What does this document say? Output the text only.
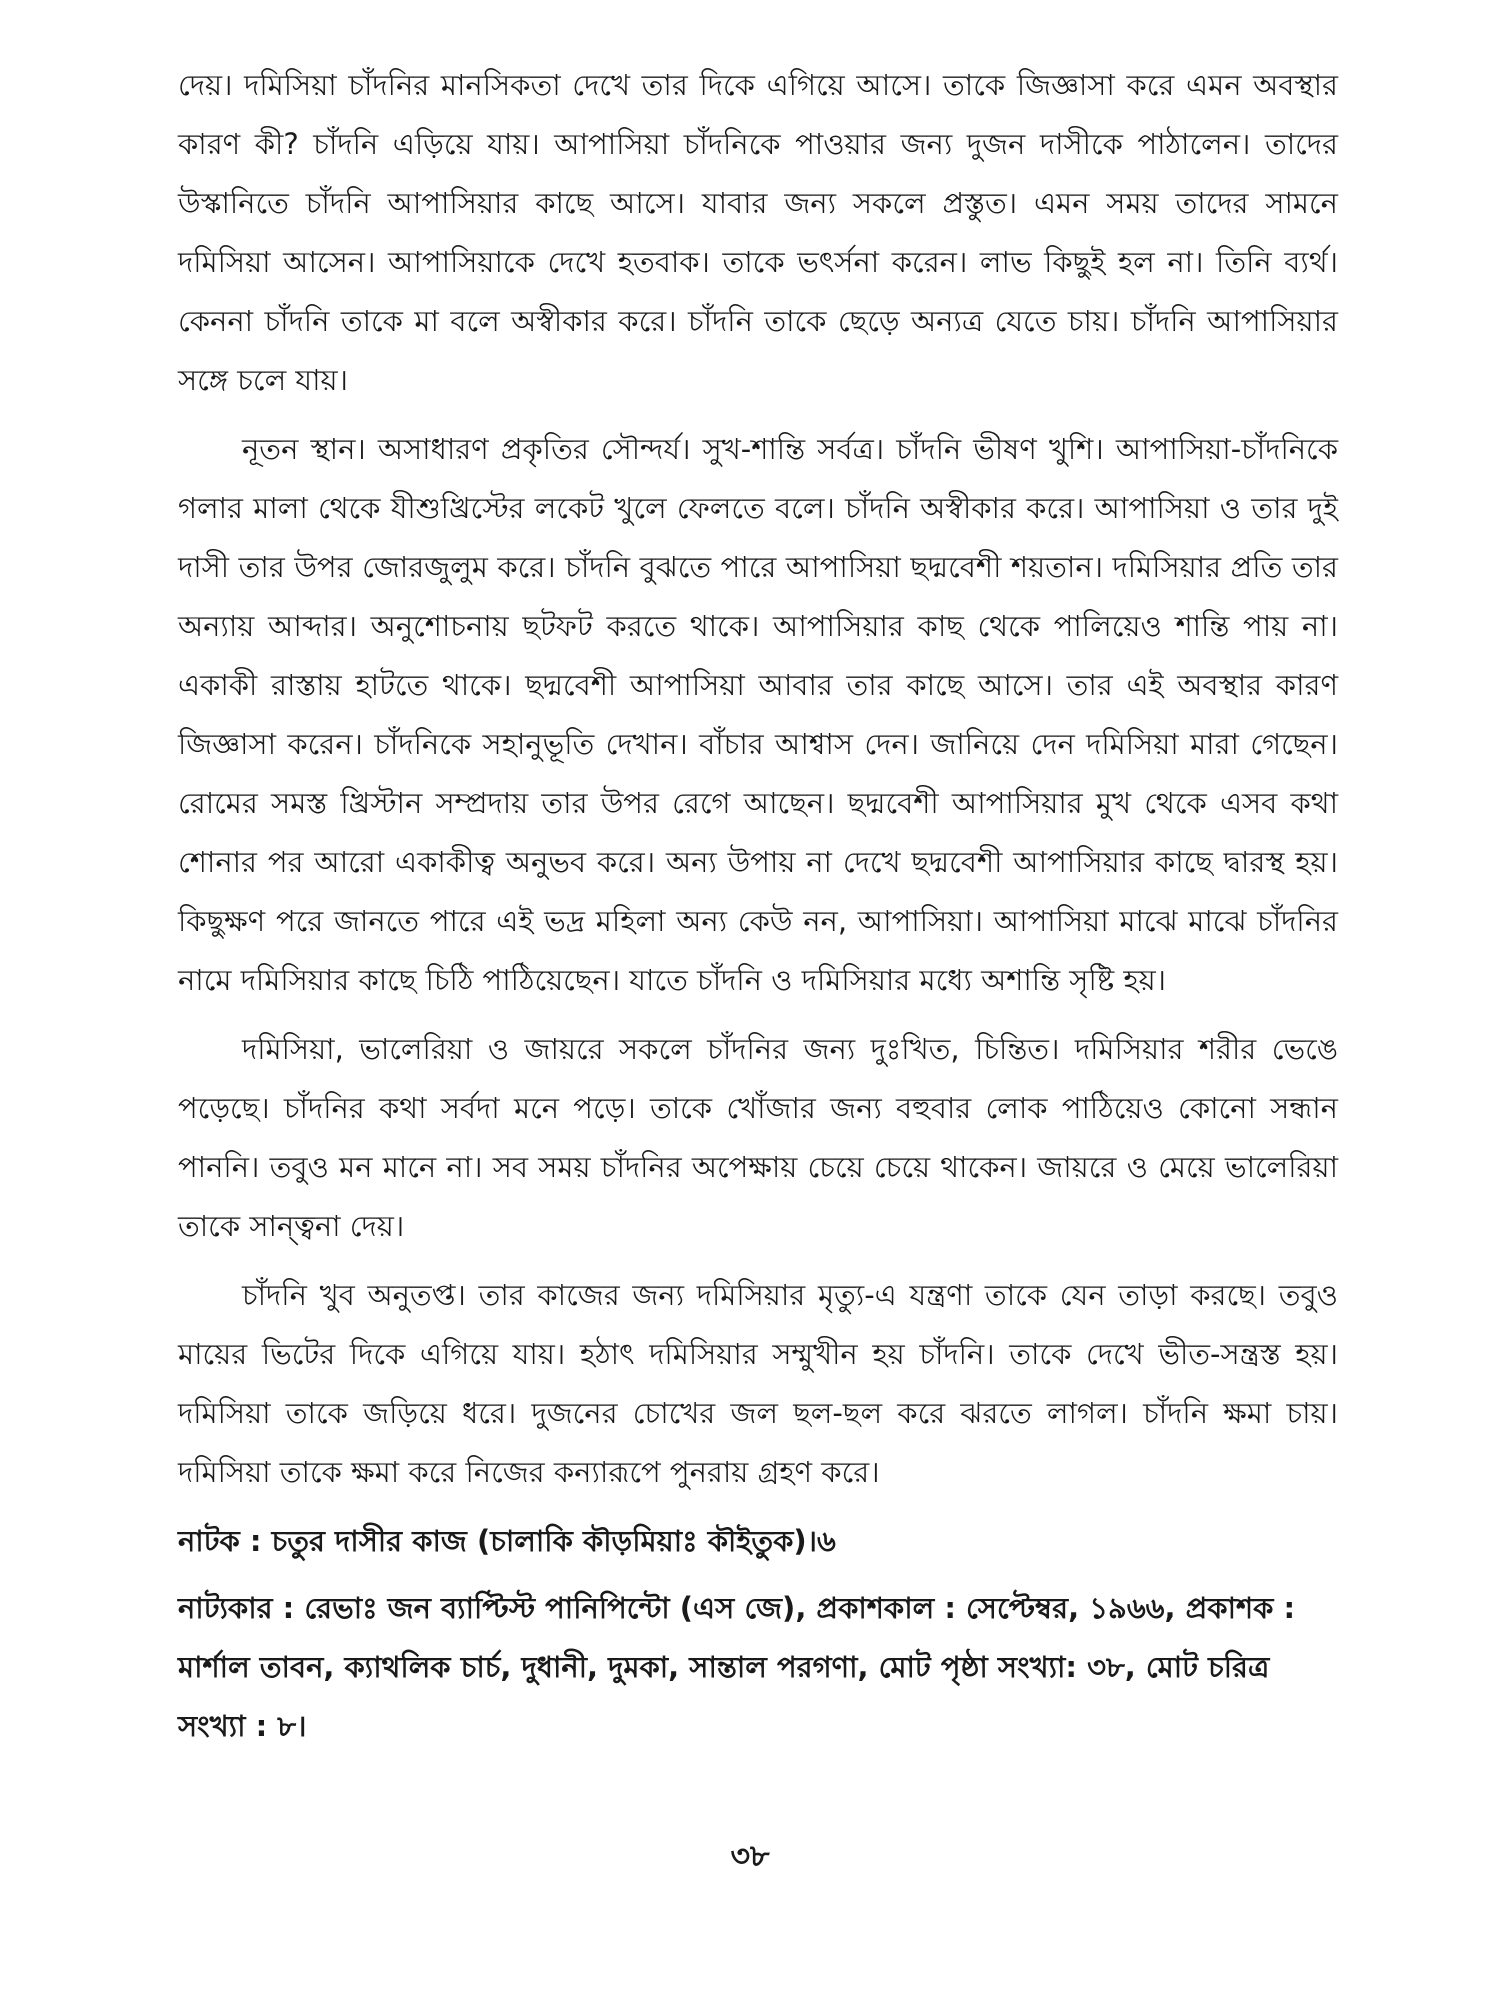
দেয়। দমিসিয়া চাঁদনির মানসিকতা দেখে তার দিকে এগিয়ে আসে। তাকে জিজ্ঞাসা করে এমন অবস্থার কারণ কী? চাঁদনি এড়িয়ে যায়। আপাসিয়া চাঁদনিকে পাওয়ার জন্য দুজন দাসীকে পাঠালেন। তাদের উস্কানিতে চাঁদনি আপাসিয়ার কাছে আসে। যাবার জন্য সকলে প্রস্তুত। এমন সময় তাদের সামনে দমিসিয়া আসেন। আপাসিয়াকে দেখে হতবাক। তাকে ভৎর্সনা করেন। লাভ কিছুই হল না। তিনি ব্যর্থ। কেননা চাঁদনি তাকে মা বলে অস্বীকার করে। চাঁদনি তাকে ছেড়ে অন্যত্র যেতে চায়। চাঁদনি আপাসিয়ার সঙ্গে চলে যায়।

নূতন স্থান। অসাধারণ প্রকৃতির সৌন্দর্য। সুখ-শান্তি সর্বত্র। চাঁদনি ভীষণ খুশি। আপাসিয়া-চাঁদনিকে গলার মালা থেকে যীশুখ্রিস্টের লকেট খুলে ফেলতে বলে। চাঁদনি অস্বীকার করে। আপাসিয়া ও তার দুই দাসী তার উপর জোরজুলুম করে। চাঁদনি বুঝতে পারে আপাসিয়া ছদ্মবেশী শয়তান। দমিসিয়ার প্রতি তার অন্যায় আব্দার। অনুশোচনায় ছটফট করতে থাকে। আপাসিয়ার কাছ থেকে পালিয়েও শান্তি পায় না। একাকী রাস্তায় হাটতে থাকে। ছদ্মবেশী আপাসিয়া আবার তার কাছে আসে। তার এই অবস্থার কারণ জিজ্ঞাসা করেন। চাঁদনিকে সহানুভূতি দেখান। বাঁচার আশ্বাস দেন। জানিয়ে দেন দমিসিয়া মারা গেছেন। রোমের সমস্ত খ্রিস্টান সম্প্রদায় তার উপর রেগে আছেন। ছদ্মবেশী আপাসিয়ার মুখ থেকে এসব কথা শোনার পর আরো একাকীত্ব অনুভব করে। অন্য উপায় না দেখে ছদ্মবেশী আপাসিয়ার কাছে দ্বারস্থ হয়। কিছুক্ষণ পরে জানতে পারে এই ভদ্র মহিলা অন্য কেউ নন, আপাসিয়া। আপাসিয়া মাঝে মাঝে চাঁদনির নামে দমিসিয়ার কাছে চিঠি পাঠিয়েছেন। যাতে চাঁদনি ও দমিসিয়ার মধ্যে অশান্তি সৃষ্টি হয়।

দমিসিয়া, ভালেরিয়া ও জায়রে সকলে চাঁদনির জন্য দুঃখিত, চিন্তিত। দমিসিয়ার শরীর ভেঙে পড়েছে। চাঁদনির কথা সর্বদা মনে পড়ে। তাকে খোঁজার জন্য বহুবার লোক পাঠিয়েও কোনো সন্ধান পাননি। তবুও মন মানে না। সব সময় চাঁদনির অপেক্ষায় চেয়ে চেয়ে থাকেন। জায়রে ও মেয়ে ভালেরিয়া তাকে সান্ত্বনা দেয়।

চাঁদনি খুব অনুতপ্ত। তার কাজের জন্য দমিসিয়ার মৃত্যু-এ যন্ত্রণা তাকে যেন তাড়া করছে। তবুও মায়ের ভিটের দিকে এগিয়ে যায়। হঠাৎ দমিসিয়ার সম্মুখীন হয় চাঁদনি। তাকে দেখে ভীত-সন্ত্রস্ত হয়। দমিসিয়া তাকে জড়িয়ে ধরে। দুজনের চোখের জল ছল-ছল করে ঝরতে লাগল। চাঁদনি ক্ষমা চায়। দমিসিয়া তাকে ক্ষমা করে নিজের কন্যারূপে পুনরায় গ্রহণ করে।

নাটক : চতুর দাসীর কাজ (চালাকি কৗড়মিয়াঃ কৗইতুক)।৬

নাট্যকার : রেভাঃ জন ব্যাপ্টিস্ট পানিপিন্টো (এস জে), প্রকাশকাল : সেপ্টেম্বর, ১৯৬৬, প্রকাশক : মার্শাল তাবন, ক্যাথলিক চার্চ, দুধানী, দুমকা, সান্তাল পরগণা, মোট পৃষ্ঠা সংখ্যা: ৩৮, মোট চরিত্র সংখ্যা : ৮।

৩৮
